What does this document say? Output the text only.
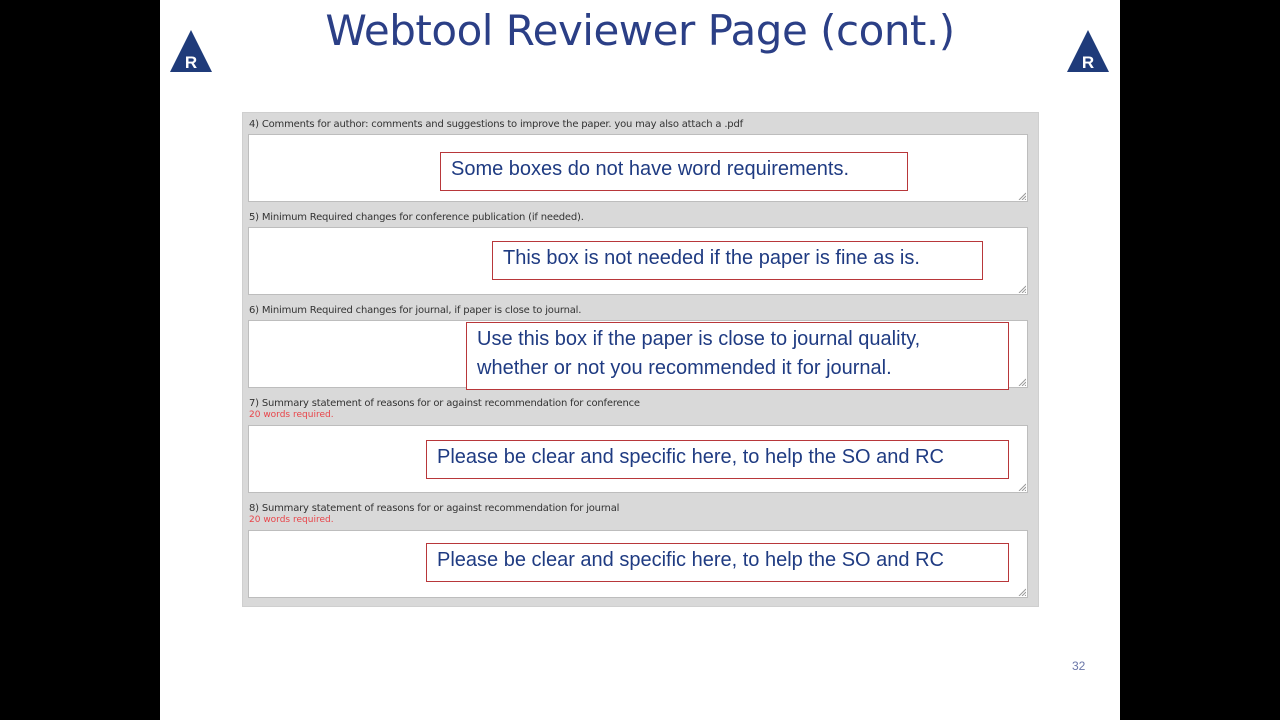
Webtool Reviewer Page (cont.)
R	R
4) Comments for author: comments and suggestions to improve the paper. you may also attach a .pdf
5) Minimum Required changes for conference publication (if needed).
6) Minimum Required changes for journal, if paper is close to journal.
7) Summary statement of reasons for or against recommendation for conference
20 words required.
8) Summary statement of reasons for or against recommendation for journal
20 words required.
Some boxes do not have word requirements.
This box is not needed if the paper is fine as is.
Use this box if the paper is close to journal quality,
whether or not you recommended it for journal.
Please be clear and specific here, to help the SO and RC
Please be clear and specific here, to help the SO and RC
32
